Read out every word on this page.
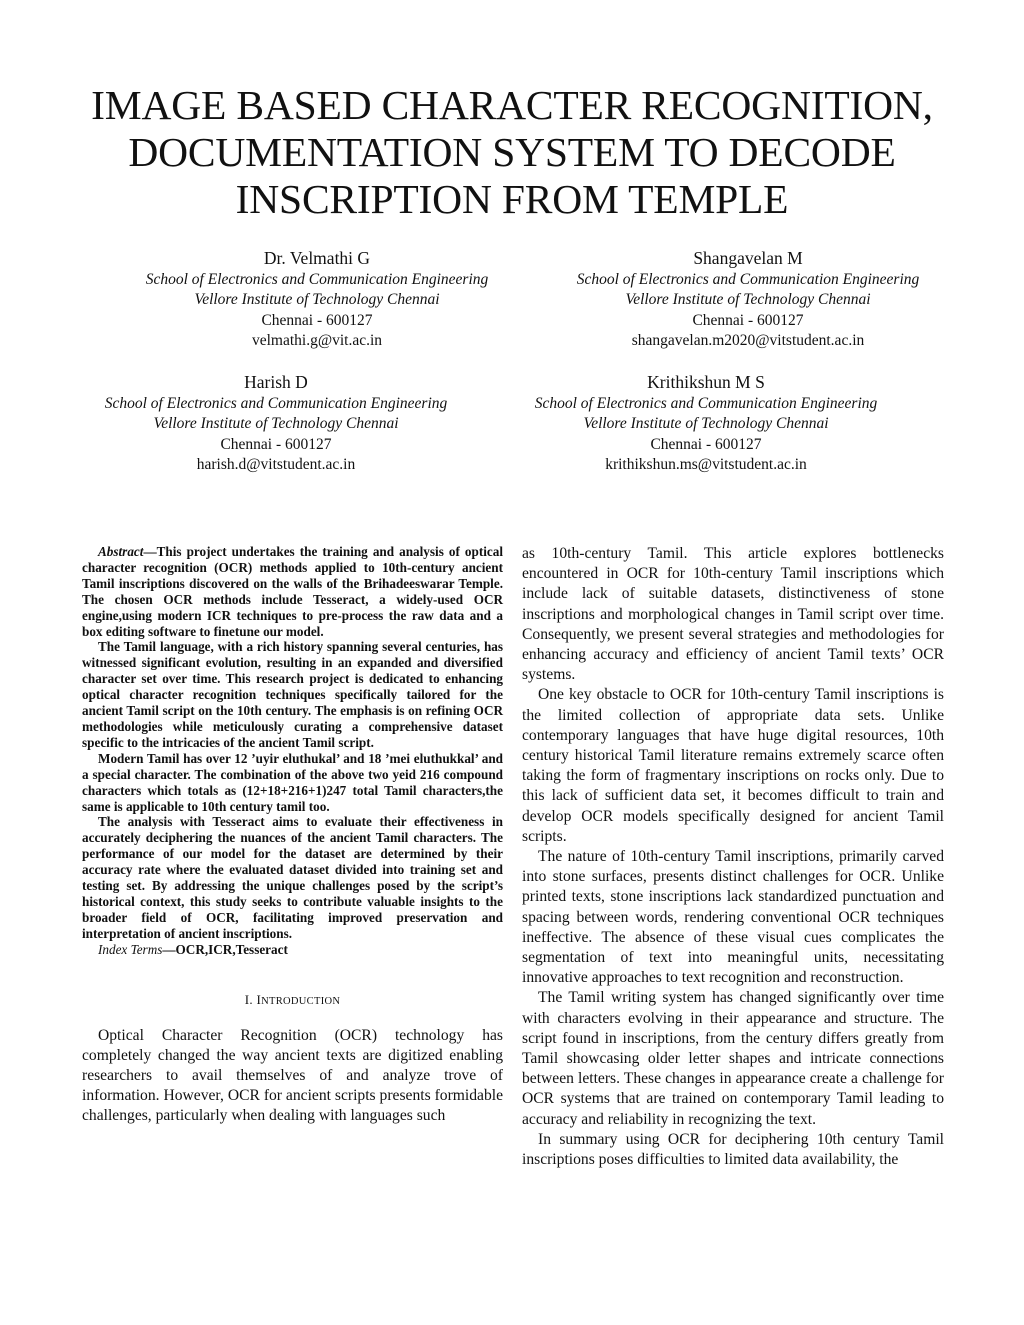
IMAGE BASED CHARACTER RECOGNITION,
DOCUMENTATION SYSTEM TO DECODE
INSCRIPTION FROM TEMPLE
Dr. Velmathi G
School of Electronics and Communication Engineering
Vellore Institute of Technology Chennai
Chennai - 600127
velmathi.g@vit.ac.in
Shangavelan M
School of Electronics and Communication Engineering
Vellore Institute of Technology Chennai
Chennai - 600127
shangavelan.m2020@vitstudent.ac.in
Harish D
School of Electronics and Communication Engineering
Vellore Institute of Technology Chennai
Chennai - 600127
harish.d@vitstudent.ac.in
Krithikshun M S
School of Electronics and Communication Engineering
Vellore Institute of Technology Chennai
Chennai - 600127
krithikshun.ms@vitstudent.ac.in

Abstract—This project undertakes the training and analysis of optical character recognition (OCR) methods applied to 10th-century ancient Tamil inscriptions discovered on the walls of the Brihadeeswarar Temple. The chosen OCR methods include Tesseract, a widely-used OCR engine,using modern ICR techniques to pre-process the raw data and a box editing software to finetune our model.

The Tamil language, with a rich history spanning several centuries, has witnessed significant evolution, resulting in an expanded and diversified character set over time. This research project is dedicated to enhancing optical character recognition techniques specifically tailored for the ancient Tamil script on the 10th century. The emphasis is on refining OCR methodologies while meticulously curating a comprehensive dataset specific to the intricacies of the ancient Tamil script.

Modern Tamil has over 12 ’uyir eluthukal’ and 18 ’mei eluthukkal’ and a special character. The combination of the above two yeid 216 compound characters which totals as (12+18+216+1)247 total Tamil characters,the same is applicable to 10th century tamil too.

The analysis with Tesseract aims to evaluate their effectiveness in accurately deciphering the nuances of the ancient Tamil characters. The performance of our model for the dataset are determined by their accuracy rate where the evaluated dataset divided into training set and testing set. By addressing the unique challenges posed by the script’s historical context, this study seeks to contribute valuable insights to the broader field of OCR, facilitating improved preservation and interpretation of ancient inscriptions.

Index Terms—OCR,ICR,Tesseract
I. INTRODUCTION

Optical Character Recognition (OCR) technology has completely changed the way ancient texts are digitized enabling researchers to avail themselves of and analyze trove of information. However, OCR for ancient scripts presents formidable challenges, particularly when dealing with languages such

as 10th-century Tamil. This article explores bottlenecks encountered in OCR for 10th-century Tamil inscriptions which include lack of suitable datasets, distinctiveness of stone inscriptions and morphological changes in Tamil script over time. Consequently, we present several strategies and methodologies for enhancing accuracy and efficiency of ancient Tamil texts’ OCR systems.

One key obstacle to OCR for 10th-century Tamil inscriptions is the limited collection of appropriate data sets. Unlike contemporary languages that have huge digital resources, 10th century historical Tamil literature remains extremely scarce often taking the form of fragmentary inscriptions on rocks only. Due to this lack of sufficient data set, it becomes difficult to train and develop OCR models specifically designed for ancient Tamil scripts.

The nature of 10th-century Tamil inscriptions, primarily carved into stone surfaces, presents distinct challenges for OCR. Unlike printed texts, stone inscriptions lack standardized punctuation and spacing between words, rendering conventional OCR techniques ineffective. The absence of these visual cues complicates the segmentation of text into meaningful units, necessitating innovative approaches to text recognition and reconstruction.

The Tamil writing system has changed significantly over time with characters evolving in their appearance and structure. The script found in inscriptions, from the century differs greatly from Tamil showcasing older letter shapes and intricate connections between letters. These changes in appearance create a challenge for OCR systems that are trained on contemporary Tamil leading to accuracy and reliability in recognizing the text.

In summary using OCR for deciphering 10th century Tamil inscriptions poses difficulties to limited data availability, the
